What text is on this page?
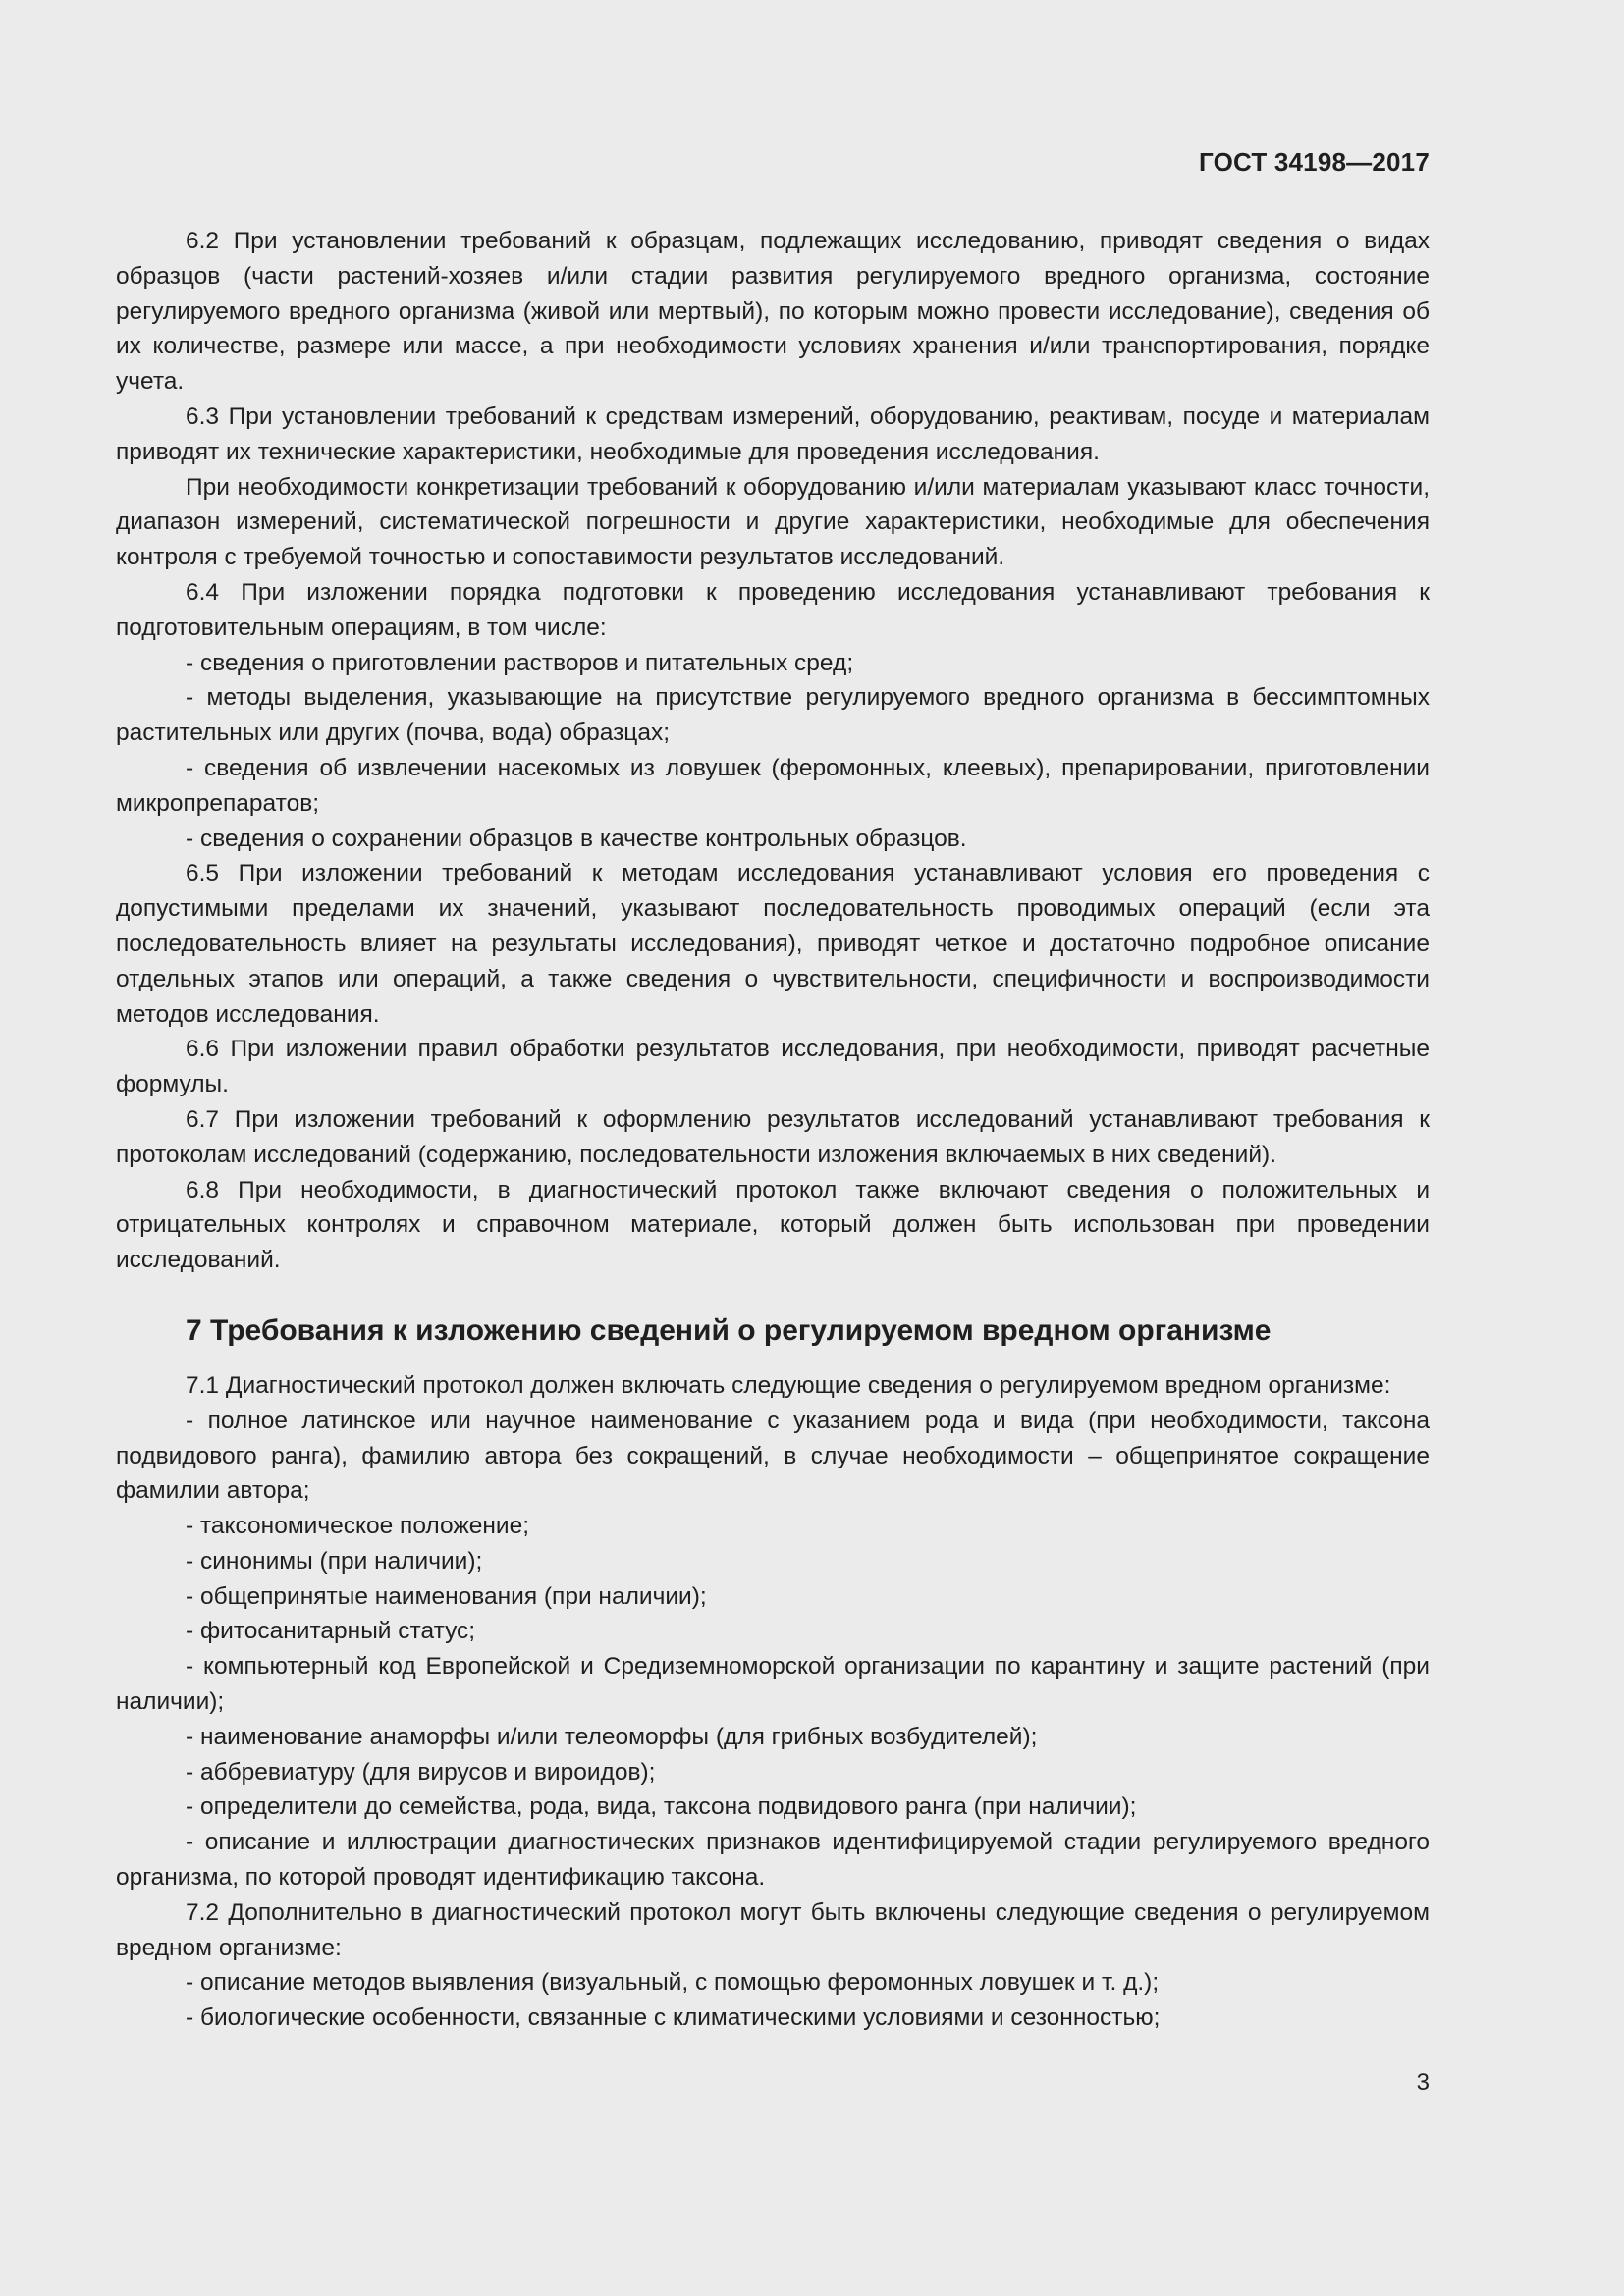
ГОСТ 34198—2017

6.2 При установлении требований к образцам, подлежащих исследованию, приводят сведения о видах образцов (части растений-хозяев и/или стадии развития регулируемого вредного организма, состояние регулируемого вредного организма (живой или мертвый), по которым можно провести исследование), сведения об их количестве, размере или массе, а при необходимости условиях хранения и/или транспортирования, порядке учета.

6.3 При установлении требований к средствам измерений, оборудованию, реактивам, посуде и материалам приводят их технические характеристики, необходимые для проведения исследования.

При необходимости конкретизации требований к оборудованию и/или материалам указывают класс точности, диапазон измерений, систематической погрешности и другие характеристики, необходимые для обеспечения контроля с требуемой точностью и сопоставимости результатов исследований.

6.4 При изложении порядка подготовки к проведению исследования устанавливают требования к подготовительным операциям, в том числе:

- сведения о приготовлении растворов и питательных сред;

- методы выделения, указывающие на присутствие регулируемого вредного организма в бессимптомных растительных или других (почва, вода) образцах;

- сведения об извлечении насекомых из ловушек (феромонных, клеевых), препарировании, приготовлении микропрепаратов;

- сведения о сохранении образцов в качестве контрольных образцов.

6.5 При изложении требований к методам исследования устанавливают условия его проведения с допустимыми пределами их значений, указывают последовательность проводимых операций (если эта последовательность влияет на результаты исследования), приводят четкое и достаточно подробное описание отдельных этапов или операций, а также сведения о чувствительности, специфичности и воспроизводимости методов исследования.

6.6 При изложении правил обработки результатов исследования, при необходимости, приводят расчетные формулы.

6.7 При изложении требований к оформлению результатов исследований устанавливают требования к протоколам исследований (содержанию, последовательности изложения включаемых в них сведений).

6.8 При необходимости, в диагностический протокол также включают сведения о положительных и отрицательных контролях и справочном материале, который должен быть использован при проведении исследований.

7 Требования к изложению сведений о регулируемом вредном организме

7.1 Диагностический протокол должен включать следующие сведения о регулируемом вредном организме:

- полное латинское или научное наименование с указанием рода и вида (при необходимости, таксона подвидового ранга), фамилию автора без сокращений, в случае необходимости – общепринятое сокращение фамилии автора;

- таксономическое положение;

- синонимы (при наличии);

- общепринятые наименования (при наличии);

- фитосанитарный статус;

- компьютерный код Европейской и Средиземноморской организации по карантину и защите растений (при наличии);

- наименование анаморфы и/или телеоморфы (для грибных возбудителей);

- аббревиатуру (для вирусов и вироидов);

- определители до семейства, рода, вида, таксона подвидового ранга (при наличии);

- описание и иллюстрации диагностических признаков идентифицируемой стадии регулируемого вредного организма, по которой проводят идентификацию таксона.

7.2 Дополнительно в диагностический протокол могут быть включены следующие сведения о регулируемом вредном организме:

- описание методов выявления (визуальный, с помощью феромонных ловушек и т. д.);

- биологические особенности, связанные с климатическими условиями и сезонностью;

3
